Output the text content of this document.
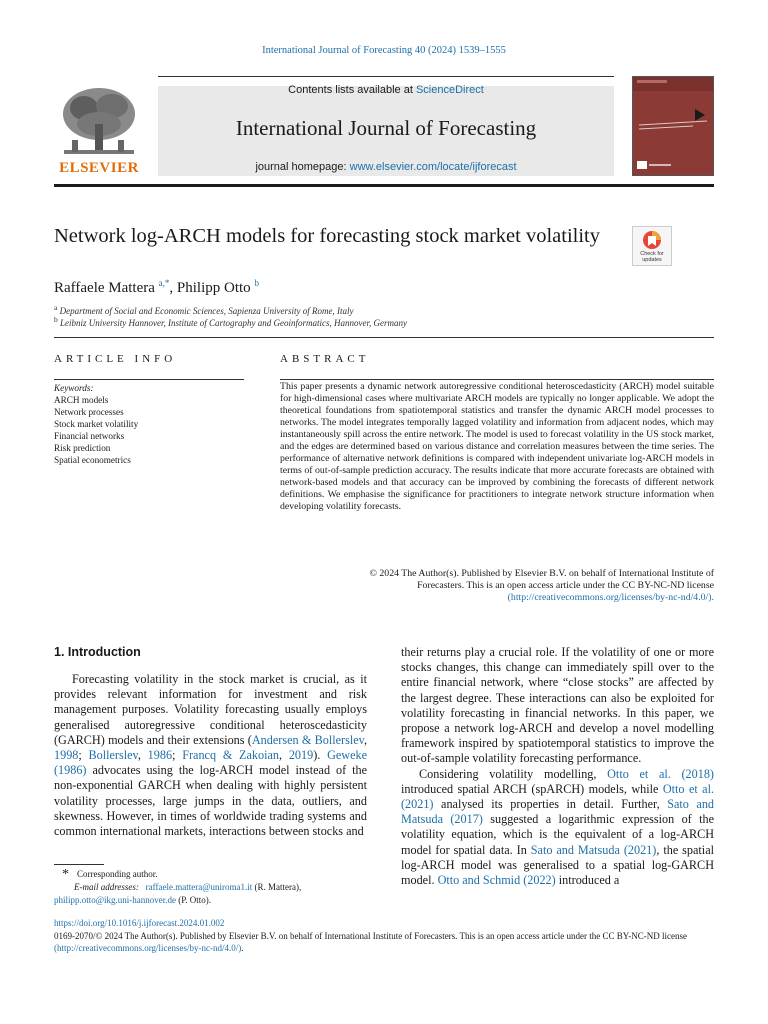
International Journal of Forecasting 40 (2024) 1539–1555
ELSEVIER
Contents lists available at ScienceDirect
International Journal of Forecasting
journal homepage: www.elsevier.com/locate/ijforecast
Network log-ARCH models for forecasting stock market volatility
Check for
updates
Raffaele Mattera $^{a,*}$, Philipp Otto $^b$
$^a$ Department of Social and Economic Sciences, Sapienza University of Rome, Italy
$^b$ Leibniz University Hannover, Institute of Cartography and Geoinformatics, Hannover, Germany
ARTICLE INFO	ABSTRACT
Keywords:
ARCH models
Network processes
Stock market volatility
Financial networks
Risk prediction
Spatial econometrics
This paper presents a dynamic network autoregressive conditional heteroscedasticity (ARCH) model suitable for high-dimensional cases where multivariate ARCH models are typically no longer applicable. We adopt the theoretical foundations from spatiotemporal statistics and transfer the dynamic ARCH model processes to networks. The model integrates temporally lagged volatility and information from adjacent nodes, which may instantaneously spill across the entire network. The model is used to forecast volatility in the US stock market, and the edges are determined based on various distance and correlation measures between the time series. The performance of alternative network definitions is compared with independent univariate log-ARCH models in terms of out-of-sample prediction accuracy. The results indicate that more accurate forecasts are obtained with network-based models and that accuracy can be improved by combining the forecasts of different network definitions. We emphasise the significance for practitioners to integrate network structure information when developing volatility forecasts.
© 2024 The Author(s). Published by Elsevier B.V. on behalf of International Institute of
Forecasters. This is an open access article under the CC BY-NC-ND license
(http://creativecommons.org/licenses/by-nc-nd/4.0/).
1. Introduction

Forecasting volatility in the stock market is crucial, as it provides relevant information for investment and risk management purposes. Volatility forecasting usually employs generalised autoregressive conditional heteroscedasticity (GARCH) models and their extensions (Andersen & Bollerslev, 1998; Bollerslev, 1986; Francq & Zakoian, 2019). Geweke (1986) advocates using the log-ARCH model instead of the non-exponential GARCH when dealing with highly persistent volatility processes, large jumps in the data, outliers, and skewness. However, in times of worldwide trading systems and common international markets, interactions between stocks and

their returns play a crucial role. If the volatility of one or more stocks changes, this change can immediately spill over to the entire financial network, where “close stocks” are affected by the largest degree. These interactions can also be exploited for volatility forecasting in financial networks. In this paper, we propose a network log-ARCH and develop a novel modelling framework inspired by spatiotemporal statistics to improve the out-of-sample volatility forecasting performance.

Considering volatility modelling, Otto et al. (2018) introduced spatial ARCH (spARCH) models, while Otto et al. (2021) analysed its properties in detail. Further, Sato and Matsuda (2017) suggested a logarithmic expression of the volatility equation, which is the equivalent of a log-ARCH model for spatial data. In Sato and Matsuda (2021), the spatial log-ARCH model was generalised to a spatial log-GARCH model. Otto and Schmid (2022) introduced a

* Corresponding author.
E-mail addresses: raffaele.mattera@uniroma1.it (R. Mattera),
philipp.otto@ikg.uni-hannover.de (P. Otto).
https://doi.org/10.1016/j.ijforecast.2024.01.002
0169-2070/© 2024 The Author(s). Published by Elsevier B.V. on behalf of International Institute of Forecasters. This is an open access article under the CC BY-NC-ND license (http://creativecommons.org/licenses/by-nc-nd/4.0/).
